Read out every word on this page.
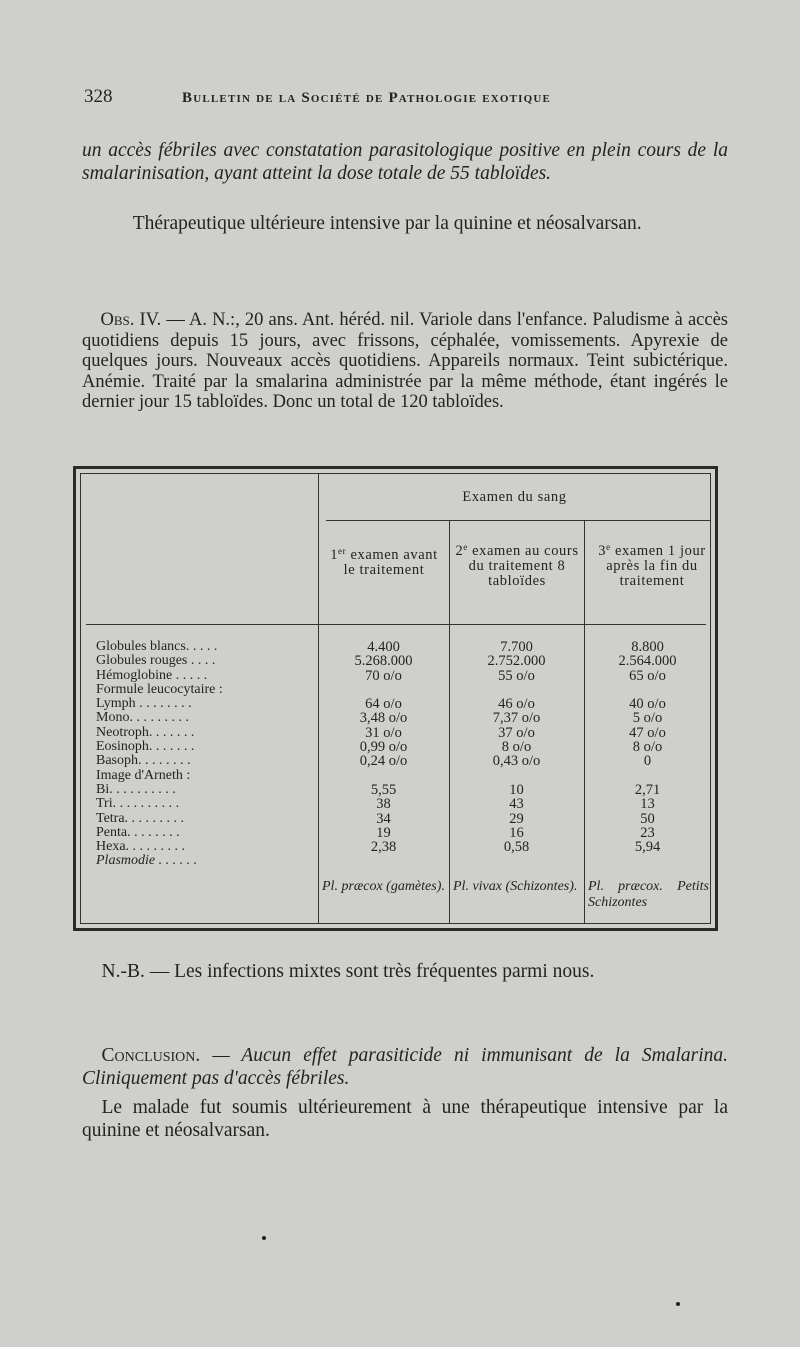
328	Bulletin de la Société de Pathologie exotique
un accès fébriles avec constatation parasitologique positive en plein cours de la smalarinisation, ayant atteint la dose totale de 55 tabloïdes.
Thérapeutique ultérieure intensive par la quinine et néosalvarsan.
Obs. IV. — A. N.:, 20 ans. Ant. héréd. nil. Variole dans l'enfance. Paludisme à accès quotidiens depuis 15 jours, avec frissons, céphalée, vomissements. Apyrexie de quelques jours. Nouveaux accès quotidiens. Appareils normaux. Teint subictérique. Anémie. Traité par la smalarina administrée par la même méthode, étant ingérés le dernier jour 15 tabloïdes. Donc un total de 120 tabloïdes.
Examen du sang
1er examen avant le traitement
2e examen au cours du traitement 8 tabloïdes
3e examen 1 jour après la fin du traitement
Globules blancs. . . . .
Globules rouges . . . .
Hémoglobine . . . . .
Formule leucocytaire :
Lymph . . . . . . . .
Mono. . . . . . . . .
Neotroph. . . . . . .
Eosinoph. . . . . . .
Basoph. . . . . . . .
Image d'Arneth :
Bi. . . . . . . . . .
Tri. . . . . . . . . .
Tetra. . . . . . . . .
Penta. . . . . . . .
Hexa. . . . . . . . .
Plasmodie . . . . . .
4.400
5.268.000
70 o/o
64 o/o
3,48 o/o
31 o/o
0,99 o/o
0,24 o/o
5,55
38
34
19
2,38
7.700
2.752.000
55 o/o
46 o/o
7,37 o/o
37 o/o
8 o/o
0,43 o/o
10
43
29
16
0,58
8.800
2.564.000
65 o/o
40 o/o
5 o/o
47 o/o
8 o/o
0
2,71
13
50
23
5,94
Pl. præcox (gamètes). Pl. vivax (Schizontes). Pl. præcox. Petits Schizontes
N.-B. — Les infections mixtes sont très fréquentes parmi nous.
Conclusion. — Aucun effet parasiticide ni immunisant de la Smalarina. Cliniquement pas d'accès fébriles.
Le malade fut soumis ultérieurement à une thérapeutique intensive par la quinine et néosalvarsan.
